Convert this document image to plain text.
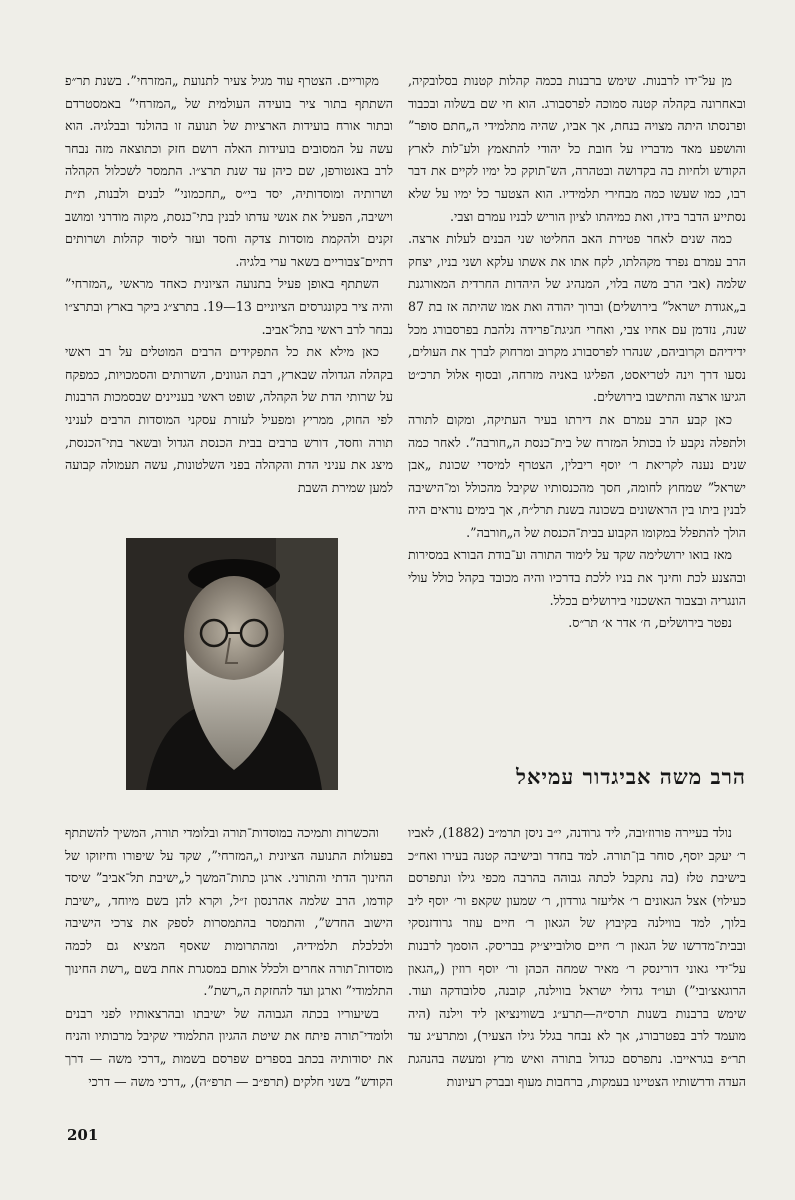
מן על־ידו לרבנות. שימש ברבנות בכמה קהלות קטנות בסלובקיה, ובאחרונה בקהלה קטנה סמוכה לפרסבורג. הוא חי שם בשלוה ובכבוד ופרנסתו היתה מצויה בנחת, אך אביו, שהיה מתלמידי ה„חתם סופר” והושפע מאד מדבריו על חובת כל יהודי להתאמץ ולע־לות לארץ הקודש ולחיות בה בקדושה ובטהרה, הש־תוקק כל ימיו לקיים את דבר רבו, כמו שעשו כמה מבחירי תלמידיו. הוא הצטער כל ימיו על שלא נסתייע הדבר בידו, ואת כמיהתו לציון הוריש לבניו עמרם וצבי.

כמה שנים לאחר פטירת האב החליטו שני הבנים לעלות ארצה. הרב עמרם נפרד מקהלתו, לקח אתו את אשתו עלקא ושני בניו, יצחק שלמה (אבי הרב משה בלוי, המנהיג של היהדות החרדית המאורגנת ב„אגודת ישראל” בירושלים) וברוך יהודה ואת אמו שהיתה אז בת 87 שנה, נזדמן עם אחיו צבי, ואחרי חגיגת־פרידה נלהבת בפרסבורג מכל ידידיהם וקרוביהם, שנהרו לפרסבורג מקרוב ומרחוק לברך את העולים, נסעו דרך וינה לטריאסט, הפליגו באניה מזרחה, ובסוף אלול תרכ״ט הגיעו ארצה והתישבו בירושלים.

כאן קבע הרב עמרם את דירתו בעיר העתיקה, ומקום לתורה ולתפלה נקבע לו בכותל המזרח של בית־כנסת ה„חורבה”. לאחר כמה שנים נענה לקריאת ר׳ יוסף ריבלין, הצטרף למיסדי שכונת „אבן ישראל” שמחוץ לחומה, חסך מהכנסותיו שקיבל מהכולל ומ־הישיבה לבנין ביתו בין הראשונים בשכונה בשנת תרל״ח, אך בימים נוראים היה הולך להתפלל במקומו הקבוע בבית־הכנסת של ה„חורבה”.

מאז בואו ירושלימה שקד על לימוד התורה וע־בודת הבורא במסירות ובהצנע לכת וחינך את בניו ללכת בדרכיו והיה מכובד בקהל כולל עולי הונגריה ובצבור האשכנזי בירושלים בכלל.

נפטר בירושלים, ח׳ אדר א׳ תר״ס.

מקוריים. הצטרף עוד מגיל צעיר לתנועת „המזרחי”. בשנת תר״פ השתתף בתור ציר בועידה העולמית של „המזרחי” באמסטרדם ובתור אורח בועידות הארציות של תנועה זו בהולנד ובבלגיה. הוא עשה על המסובים בועידות האלה רושם חזק וכתוצאה מזה נבחר לרב באנטורפן, שם כיהן עד שנת תרצ״ו. התמסר לשכלול הקהלה ושרותיה ומוסדותיה, יסד בי״ס „תחכמוני” לבנים ולבנות, ת״ת וישיבה, הפעיל את אנשי עדתו לבנין בתי־כנסת, מקוה מודרני ומושב זקנים ולהקמת מוסדות צדקה וחסד ועזר ליסוד קהלות ושרותים דתיים־צבוריים בשאר ערי בלגיה.

השתתף באופן פעיל בתנועה הציונית כאחד מראשי „המזרחי” והיה ציר בקונגרסים הציוניים 13—19. בתרצ״ג ביקר בארץ ובתרצ״ו נבחר לרב ראשי בתל־אביב.

כאן מילא את כל התפקידים הרבים המוטלים על רב ראשי בקהלה הגדולה שבארץ, רבת הגוונים, השרותים והסמכויות, כמפקח על שרותי הדת של הקהלה, שופט ראשי בעניינים שבסמכות הרבנות לפי החוק, ממריץ ומפעיל לעזרת עסקני המוסדות הרבים לעניני תורה וחסד, דורש ברבים בבית הכנסת הגדול ובשאר בתי־הכנסת, מיצג את עניני הדת והקהלה בפני השלטונות, עשה תעמולה קבועה למען שמירת השבת

הרב משה אביגדור עמיאל

נולד בעיירה פורוז׳ובה, ליד גרודנה, י״ב ניסן תרמ״ב (1882), לאביו ר׳ יעקב יוסף, סוחר בן־תורה. למד בחדר ובישיבה קטנה בעירו ואח״כ בישיבת טלז (בה נתקבל לכתה גבוהה בהרבה מכפי גילו ונתפרסם כעילוי) אצל הגאונים ר׳ אליעזר גורדון, ר׳ שמעון שקאפ ור׳ יוסף ליב בלוך, למד בווילנה בקיבוץ של הגאון ר׳ חיים עוזר גרודזנסקי ובבית־מדרשו של הגאון ר׳ חיים סולובייצ׳יק בבריסק. הוסמך לרבנות על־ידי גאוני דורינסק ר׳ מאיר שמחה הכהן ור׳ יוסף רוזין („הגאון הרוגאצ׳ובי”) ועו״ד גדולי ישראל בווילנה, קובנה, סלובודקה ועוד. שימש ברבנות בשנות תרס״ה—תרע״ג בשווינציאן ליד וילנה (היה מועמד לרב בפטרבורג, אך לא נבחר בגלל גילו הצעיר), ומתרע״ג עד תר״פ בגראייבו. נתפרסם כגדול בתורה ואיש מרץ ומעשה בהנהגת העדה ודרשותיו הצטיינו בעמקות, ברחבות מעוף ובברק רעיונות

והכשרות ותמיכה במוסדות־תורה ובלומדי תורה, המשיך להשתתף בפעולות התנועה הציונית ו„המזרחי”, שקד על שיפורו וחיזוקו של החינוך הדתי והתורני. ארגן כתות־המשך ל„ישיבת תל־אביב” שיסד קודמו, הרב שלמה אהרנסון ז״ל, וקרא להן בשם מיוחד, „ישיבת הישוב החדש”, והתמסר בהתמסרות לספק את צרכי הישיבה ולכלכלת תלמידיה, ומהתרומות שאסף המציא גם לכמה מוסדות־תורה אחרים ולכלל אותם במסגרת אחת בשם „רשת החינוך התלמודי” וארגן ועד להחזקת ה„רשת”.

בשיעוריו בכתה הגבוהה של ישיבתו ובהרצאותיו לפני רבנים ולומדי־תורה פיתח את שיטת ההגיון התלמודי שקיבל מרבותיו והניח את יסודותיה בכתב בספרים שפרסם בשמות „דרכי משה — דרך הקודש” בשני חלקים (תרפ״ב — תרפ״ה), „דרכי משה — דרכי

201
